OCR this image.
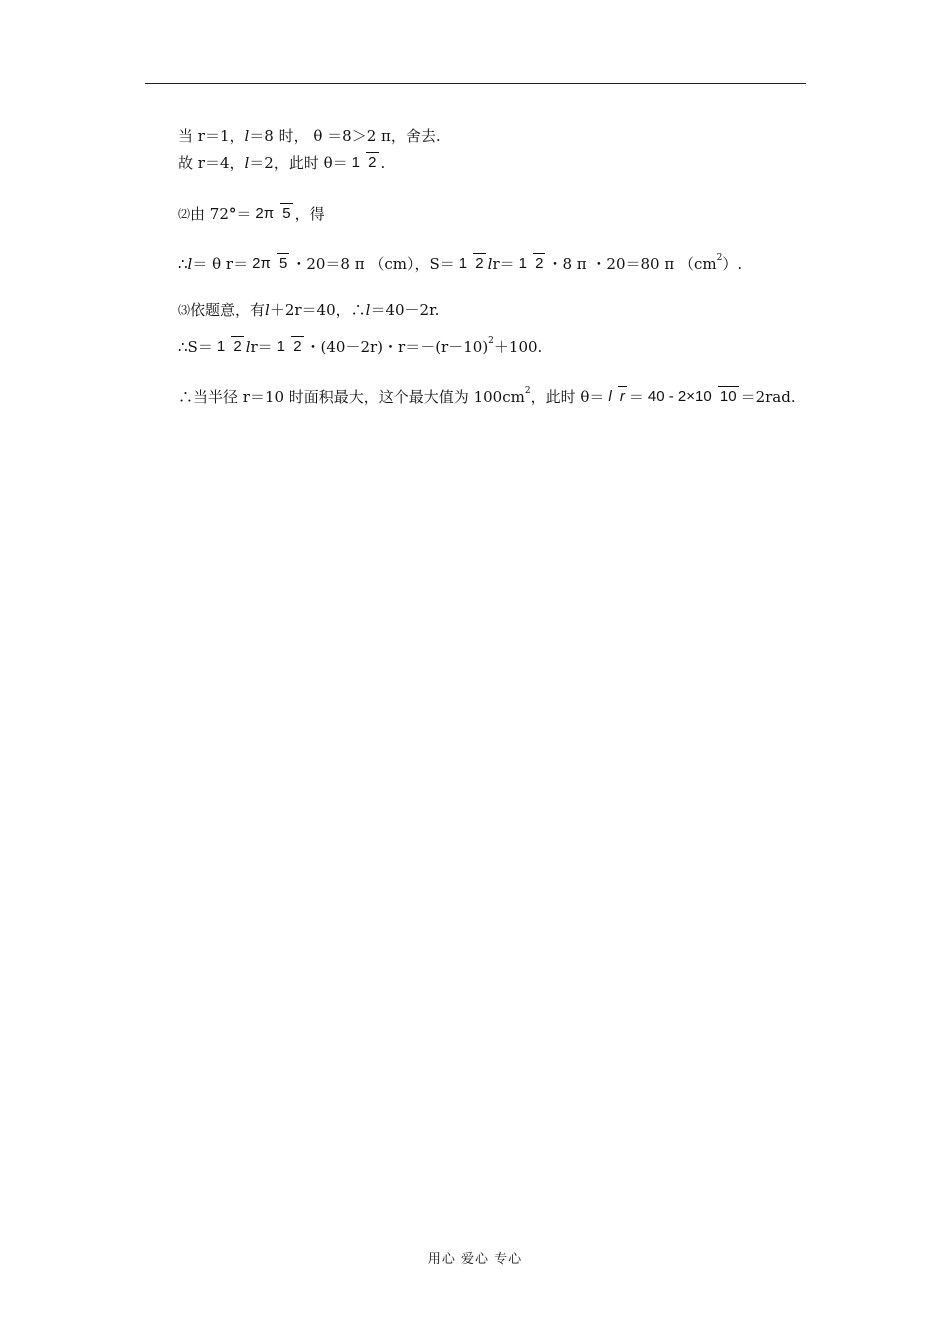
当 r＝1， l ＝8 时， θ ＝8＞2 π，舍去.
故 r＝4， l ＝2，此时 θ＝ 1 2 .
⑵ 由 72 ° ＝ 2π 5 ，得
∴ l ＝ θ r＝ 2π 5 ・20＝8 π （cm），S＝ 1 2 l r＝ 1 2 ・8 π ・20＝80 π （cm 2 ）.
⑶ 依题意，有 l ＋2r＝40，∴ l ＝40－2r.
∴S＝ 1 2 l r＝ 1 2 ・(40－2r)・r＝－(r－10) 2 ＋100.
∴当半径 r＝10 时面积最大，这个最大值为 100cm 2 ，此时 θ＝ l r ＝ 40 - 2×10 10 ＝2rad.
用心 爱心 专心
